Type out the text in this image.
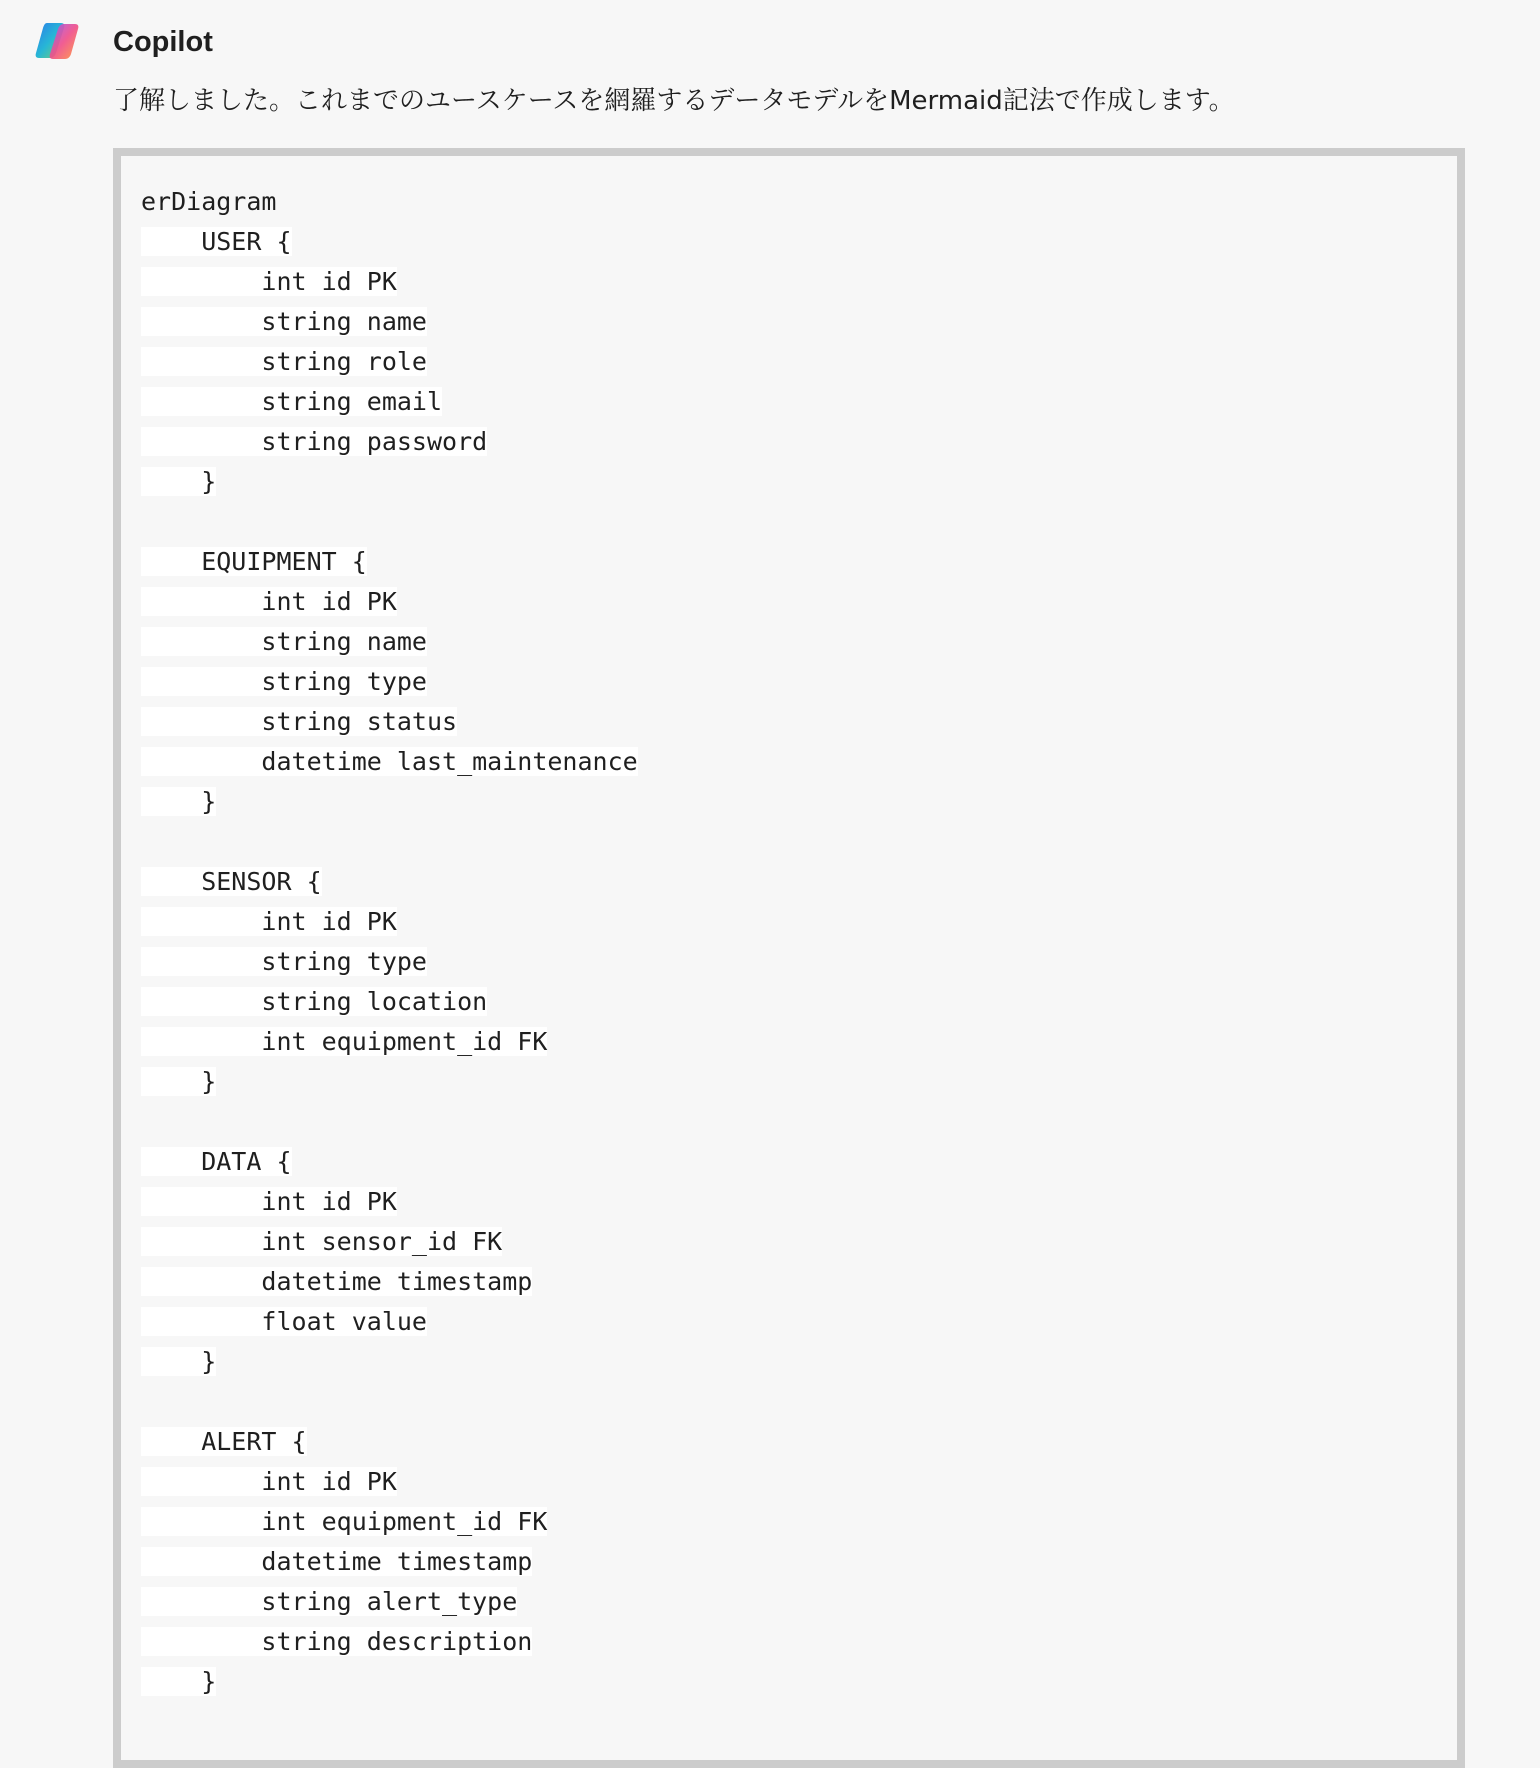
Copilot
了解しました。これまでのユースケースを網羅するデータモデルをMermaid記法で作成します。
erDiagram
USER {
int id PK
string name
string role
string email
string password
}
EQUIPMENT {
int id PK
string name
string type
string status
datetime last_maintenance
}
SENSOR {
int id PK
string type
string location
int equipment_id FK
}
DATA {
int id PK
int sensor_id FK
datetime timestamp
float value
}
ALERT {
int id PK
int equipment_id FK
datetime timestamp
string alert_type
string description
}
